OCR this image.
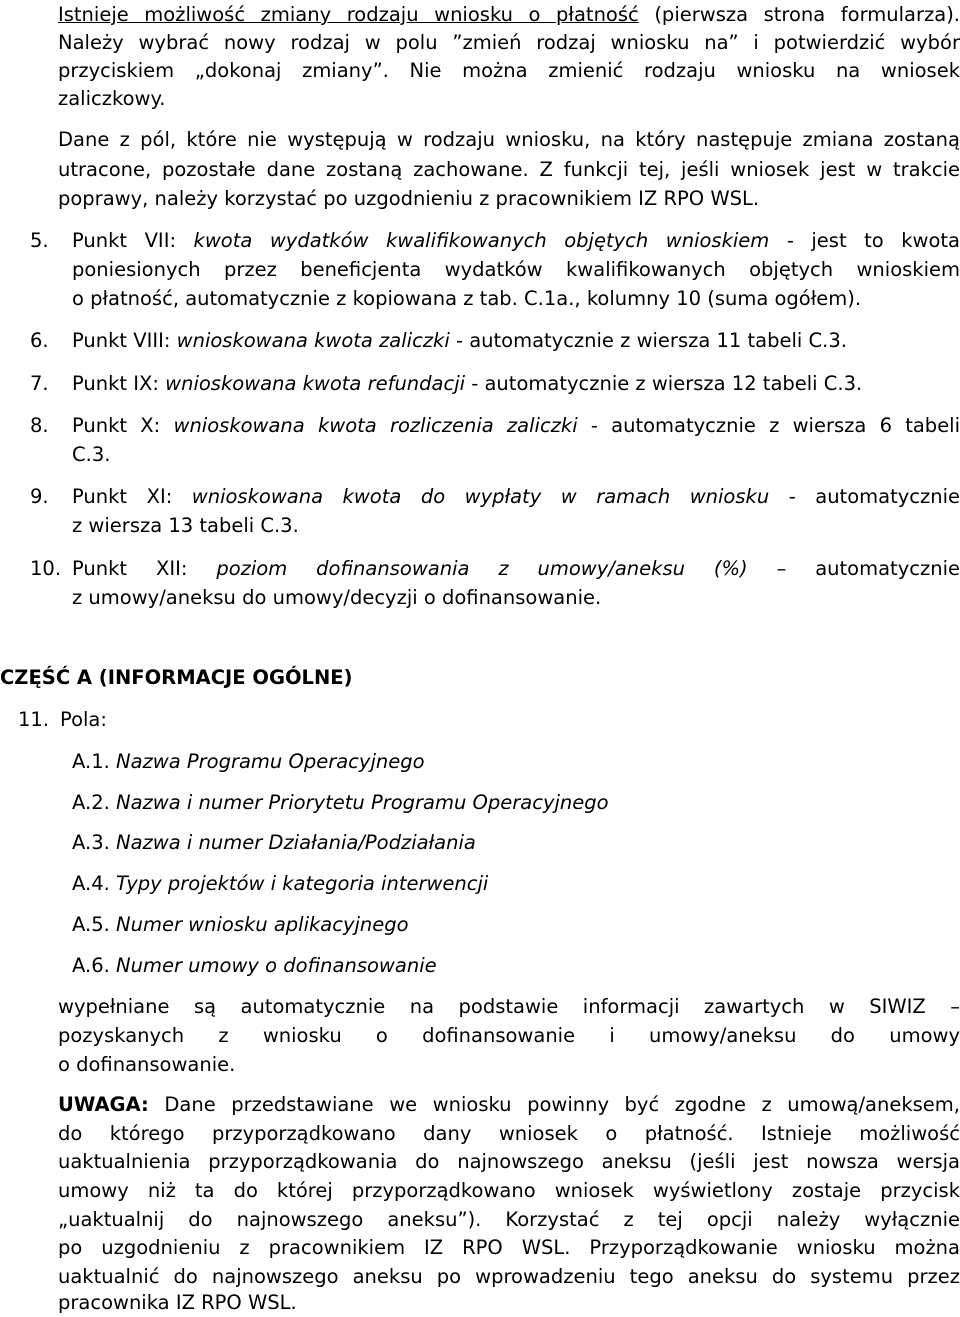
Istnieje możliwość zmiany rodzaju wniosku o płatność (pierwsza strona formularza).
Należy wybrać nowy rodzaj w polu ”zmień rodzaj wniosku na” i potwierdzić wybór
przyciskiem „dokonaj zmiany”. Nie można zmienić rodzaju wniosku na wniosek
zaliczkowy.
Dane z pól, które nie występują w rodzaju wniosku, na który następuje zmiana zostaną
utracone, pozostałe dane zostaną zachowane. Z funkcji tej, jeśli wniosek jest w trakcie
poprawy, należy korzystać po uzgodnieniu z pracownikiem IZ RPO WSL.
5. Punkt VII: kwota wydatków kwalifikowanych objętych wnioskiem - jest to kwota
poniesionych przez beneficjenta wydatków kwalifikowanych objętych wnioskiem
o płatność, automatycznie z kopiowana z tab. C.1a., kolumny 10 (suma ogółem).
6. Punkt VIII: wnioskowana kwota zaliczki - automatycznie z wiersza 11 tabeli C.3.
7. Punkt IX: wnioskowana kwota refundacji - automatycznie z wiersza 12 tabeli C.3.
8. Punkt X: wnioskowana kwota rozliczenia zaliczki - automatycznie z wiersza 6 tabeli
C.3.
9. Punkt XI: wnioskowana kwota do wypłaty w ramach wniosku - automatycznie
z wiersza 13 tabeli C.3.
10. Punkt XII: poziom dofinansowania z umowy/aneksu (%) – automatycznie
z umowy/aneksu do umowy/decyzji o dofinansowanie.
CZĘŚĆ A (INFORMACJE OGÓLNE)
11. Pola:
A.1. Nazwa Programu Operacyjnego
A.2. Nazwa i numer Priorytetu Programu Operacyjnego
A.3. Nazwa i numer Działania/Podziałania
A.4. Typy projektów i kategoria interwencji
A.5. Numer wniosku aplikacyjnego
A.6. Numer umowy o dofinansowanie
wypełniane są automatycznie na podstawie informacji zawartych w SIWIZ –
pozyskanych z wniosku o dofinansowanie i umowy/aneksu do umowy
o dofinansowanie.
UWAGA: Dane przedstawiane we wniosku powinny być zgodne z umową/aneksem,
do którego przyporządkowano dany wniosek o płatność. Istnieje możliwość
uaktualnienia przyporządkowania do najnowszego aneksu (jeśli jest nowsza wersja
umowy niż ta do której przyporządkowano wniosek wyświetlony zostaje przycisk
„uaktualnij do najnowszego aneksu”). Korzystać z tej opcji należy wyłącznie
po uzgodnieniu z pracownikiem IZ RPO WSL. Przyporządkowanie wniosku można
uaktualnić do najnowszego aneksu po wprowadzeniu tego aneksu do systemu przez
pracownika IZ RPO WSL.
